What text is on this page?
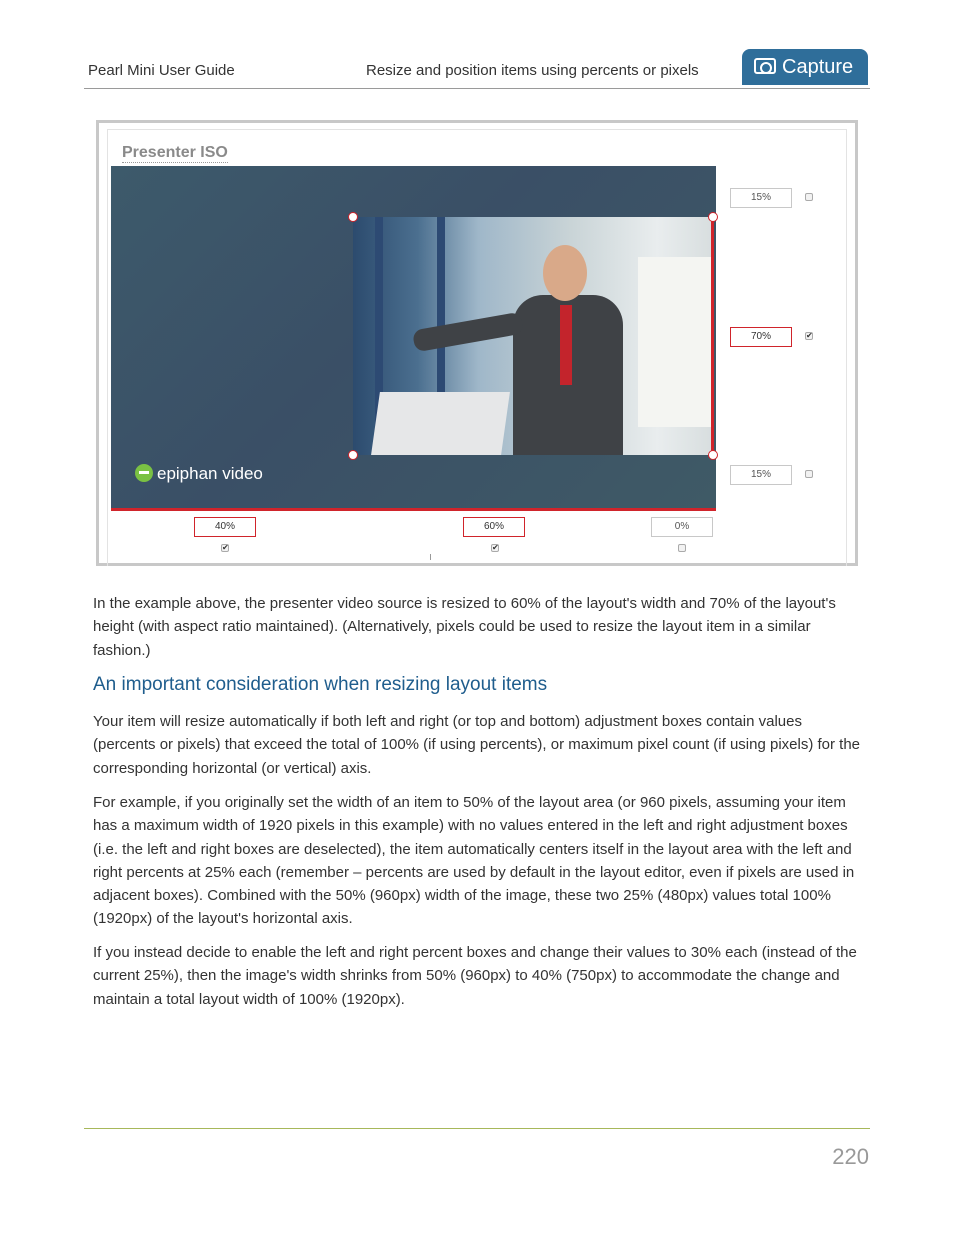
Pearl Mini User Guide	Resize and position items using percents or pixels	Capture
Presenter ISO
epiphan video
15%
70%
✔
15%
40%
✔	60%
✔	0%

In the example above, the presenter video source is resized to 60% of the layout's width and 70% of the layout's height (with aspect ratio maintained). (Alternatively, pixels could be used to resize the layout item in a similar fashion.)

An important consideration when resizing layout items

Your item will resize automatically if both left and right (or top and bottom) adjustment boxes contain values (percents or pixels) that exceed the total of 100% (if using percents), or maximum pixel count (if using pixels) for the corresponding horizontal (or vertical) axis.

For example, if you originally set the width of an item to 50% of the layout area (or 960 pixels, assuming your item has a maximum width of 1920 pixels in this example) with no values entered in the left and right adjustment boxes (i.e. the left and right boxes are deselected), the item automatically centers itself in the layout area with the left and right percents at 25% each (remember – percents are used by default in the layout editor, even if pixels are used in adjacent boxes). Combined with the 50% (960px) width of the image, these two 25% (480px) values total 100% (1920px) of the layout's horizontal axis.

If you instead decide to enable the left and right percent boxes and change their values to 30% each (instead of the current 25%), then the image's width shrinks from 50% (960px) to 40% (750px) to accommodate the change and maintain a total layout width of 100% (1920px).

220
